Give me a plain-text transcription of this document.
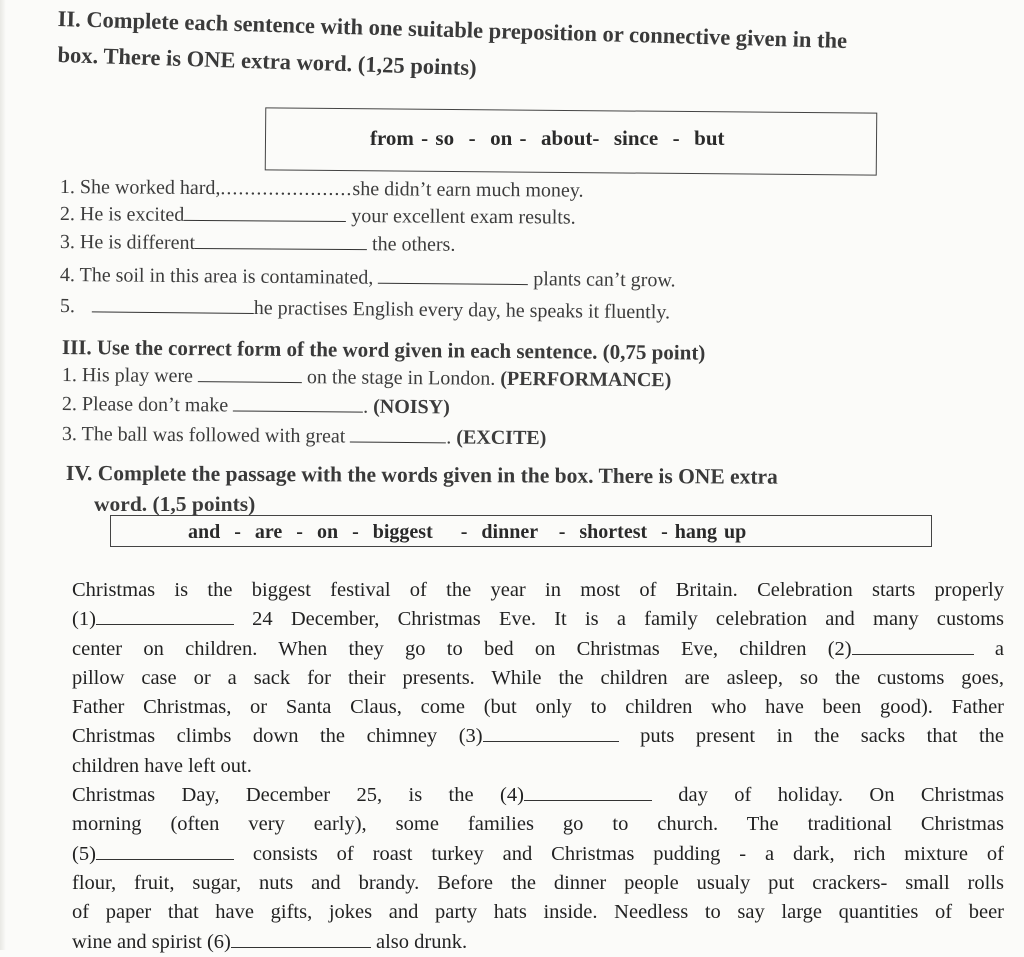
II. Complete each sentence with one suitable preposition or connective given in the
box. There is ONE extra word. (1,25 points)
from - so  -  on -  about-  since  -  but
1. She worked hard,......................she didn’t earn much money.
2. He is excited	your excellent exam results.
3. He is different	the others.
4. The soil in this area is contaminated,	plants can’t grow.
5.	he practises English every day, he speaks it fluently.
III. Use the correct form of the word given in each sentence. (0,75 point)
1. His play were	on the stage in London. (PERFORMANCE)
2. Please don’t make	. (NOISY)
3. The ball was followed with great	. (EXCITE)
IV. Complete the passage with the words given in the box. There is ONE extra
word. (1,5 points)
and  -  are  -  on  -  biggest    -  dinner   -  shortest  - hang up
Christmas is the biggest festival of the year in most of Britain. Celebration starts properly
(1)	24 December, Christmas Eve. It is a family celebration and many customs
center on children. When they go to bed on Christmas Eve, children (2)	a
pillow case or a sack for their presents. While the children are asleep, so the customs goes,
Father Christmas, or Santa Claus, come (but only to children who have been good). Father
Christmas climbs down the chimney (3)	puts present in the sacks that the
children have left out.
Christmas Day, December 25, is the (4)	day of holiday. On Christmas
morning (often very early), some families go to church. The traditional Christmas
(5)	consists of roast turkey and Christmas pudding - a dark, rich mixture of
flour, fruit, sugar, nuts and brandy. Before the dinner people usualy put crackers- small rolls
of paper that have gifts, jokes and party hats inside. Needless to say large quantities of beer
wine and spirist (6)	also drunk.
